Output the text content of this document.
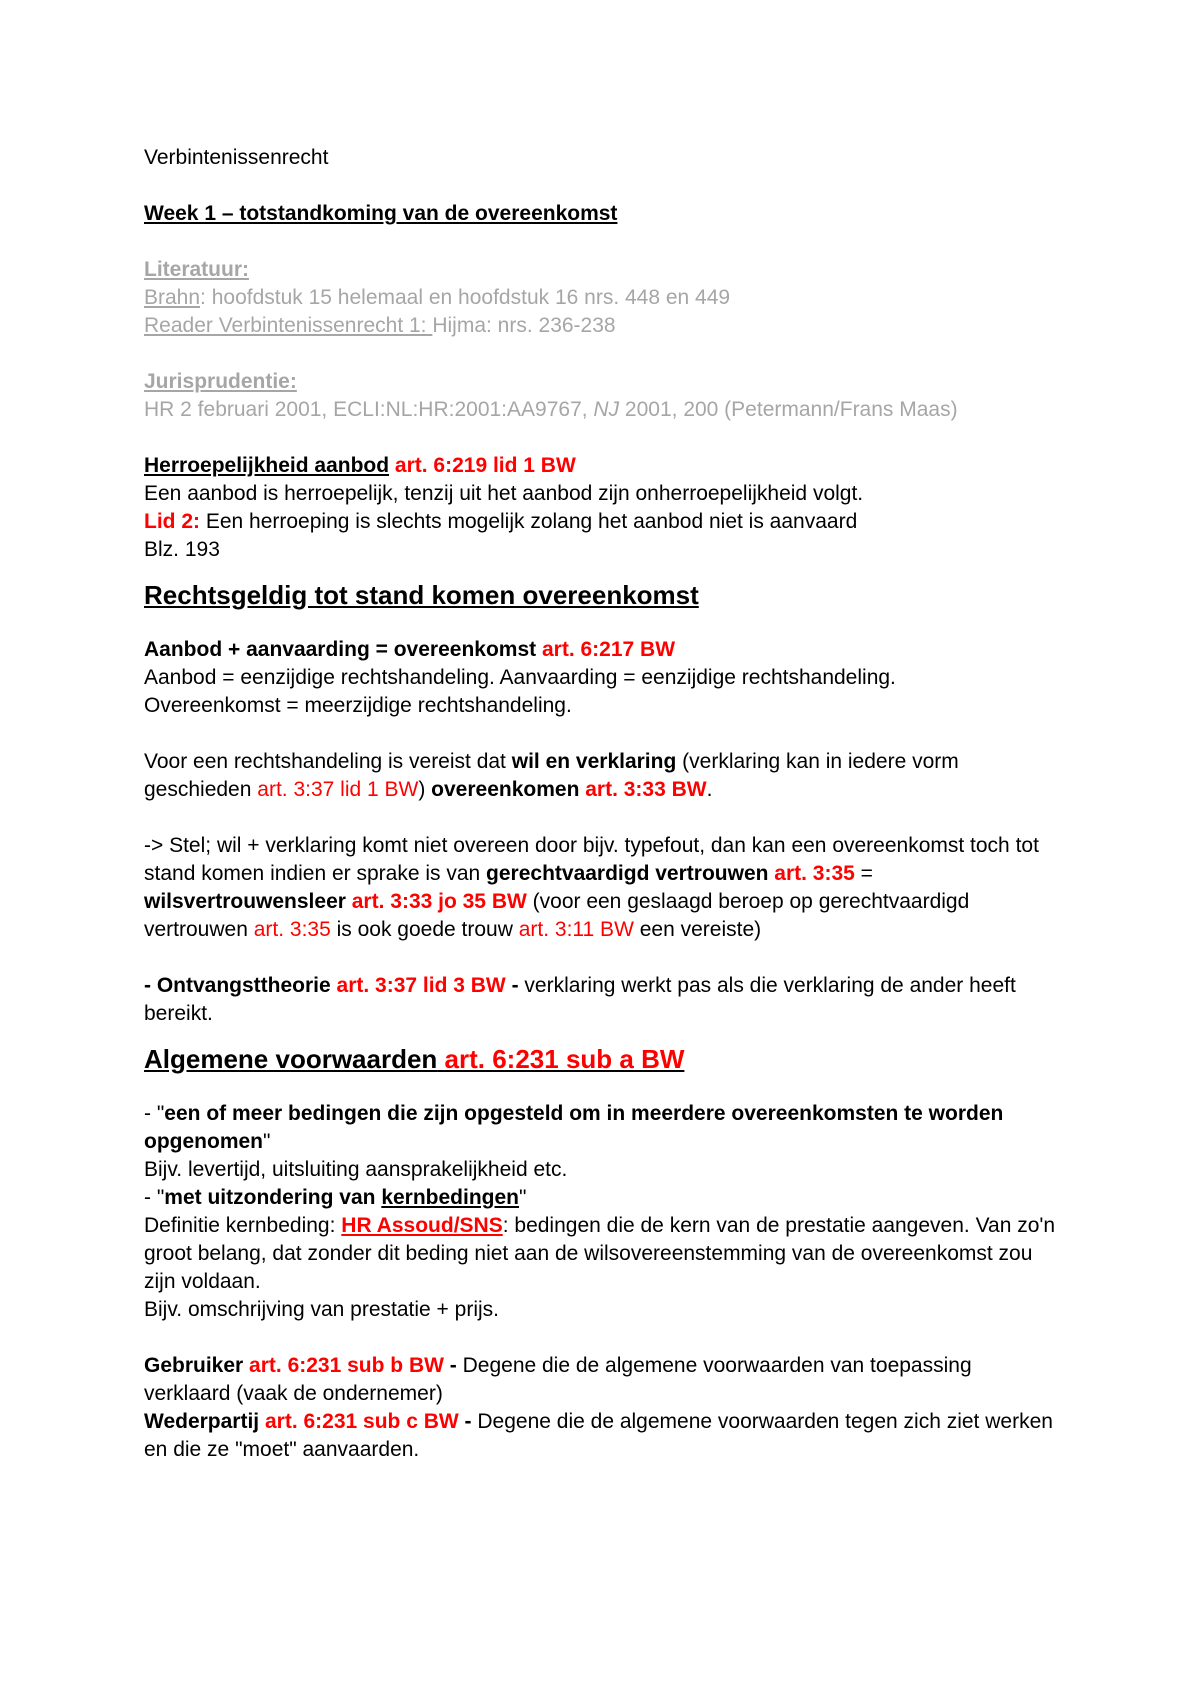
Verbintenissenrecht

Week 1 – totstandkoming van de overeenkomst

Literatuur:

Brahn: hoofdstuk 15 helemaal en hoofdstuk 16 nrs. 448 en 449

Reader Verbintenissenrecht 1: Hijma: nrs. 236-238

Jurisprudentie:

HR 2 februari 2001, ECLI:NL:HR:2001:AA9767, NJ 2001, 200 (Petermann/Frans Maas)

Herroepelijkheid aanbod art. 6:219 lid 1 BW

Een aanbod is herroepelijk, tenzij uit het aanbod zijn onherroepelijkheid volgt.

Lid 2: Een herroeping is slechts mogelijk zolang het aanbod niet is aanvaard

Blz. 193

Rechtsgeldig tot stand komen overeenkomst

Aanbod + aanvaarding = overeenkomst art. 6:217 BW

Aanbod = eenzijdige rechtshandeling. Aanvaarding = eenzijdige rechtshandeling.

Overeenkomst = meerzijdige rechtshandeling.

Voor een rechtshandeling is vereist dat wil en verklaring (verklaring kan in iedere vorm geschieden art. 3:37 lid 1 BW) overeenkomen art. 3:33 BW.

-> Stel; wil + verklaring komt niet overeen door bijv. typefout, dan kan een overeenkomst toch tot stand komen indien er sprake is van gerechtvaardigd vertrouwen art. 3:35 = wilsvertrouwensleer art. 3:33 jo 35 BW (voor een geslaagd beroep op gerechtvaardigd vertrouwen art. 3:35 is ook goede trouw art. 3:11 BW een vereiste)

- Ontvangsttheorie art. 3:37 lid 3 BW - verklaring werkt pas als die verklaring de ander heeft bereikt.

Algemene voorwaarden art. 6:231 sub a BW

- "een of meer bedingen die zijn opgesteld om in meerdere overeenkomsten te worden opgenomen"

Bijv. levertijd, uitsluiting aansprakelijkheid etc.

- "met uitzondering van kernbedingen"

Definitie kernbeding: HR Assoud/SNS: bedingen die de kern van de prestatie aangeven. Van zo'n groot belang, dat zonder dit beding niet aan de wilsovereenstemming van de overeenkomst zou zijn voldaan.

Bijv. omschrijving van prestatie + prijs.

Gebruiker art. 6:231 sub b BW - Degene die de algemene voorwaarden van toepassing verklaard (vaak de ondernemer)

Wederpartij art. 6:231 sub c BW - Degene die de algemene voorwaarden tegen zich ziet werken en die ze "moet" aanvaarden.
